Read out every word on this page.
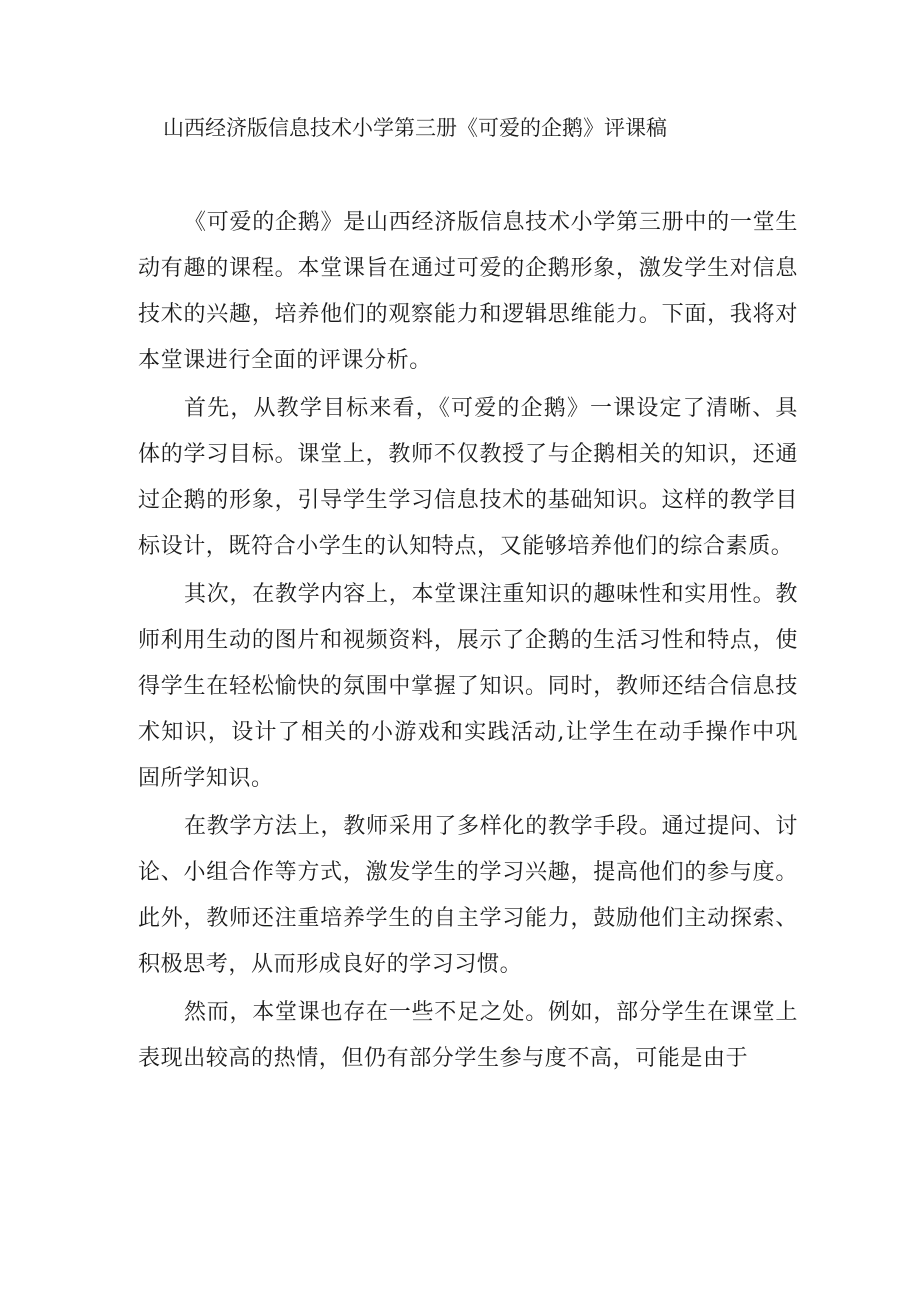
山西经济版信息技术小学第三册《可爱的企鹅》评课稿

《可爱的企鹅》是山西经济版信息技术小学第三册中的一堂生动有趣的课程。本堂课旨在通过可爱的企鹅形象，激发学生对信息技术的兴趣，培养他们的观察能力和逻辑思维能力。下面，我将对本堂课进行全面的评课分析。

首先，从教学目标来看，《可爱的企鹅》一课设定了清晰、具体的学习目标。课堂上，教师不仅教授了与企鹅相关的知识，还通过企鹅的形象，引导学生学习信息技术的基础知识。这样的教学目标设计，既符合小学生的认知特点，又能够培养他们的综合素质。

其次，在教学内容上，本堂课注重知识的趣味性和实用性。教师利用生动的图片和视频资料，展示了企鹅的生活习性和特点，使得学生在轻松愉快的氛围中掌握了知识。同时，教师还结合信息技术知识，设计了相关的小游戏和实践活动,让学生在动手操作中巩固所学知识。

在教学方法上，教师采用了多样化的教学手段。通过提问、讨论、小组合作等方式，激发学生的学习兴趣，提高他们的参与度。此外，教师还注重培养学生的自主学习能力，鼓励他们主动探索、积极思考，从而形成良好的学习习惯。

然而，本堂课也存在一些不足之处。例如，部分学生在课堂上表现出较高的热情，但仍有部分学生参与度不高，可能是由于
